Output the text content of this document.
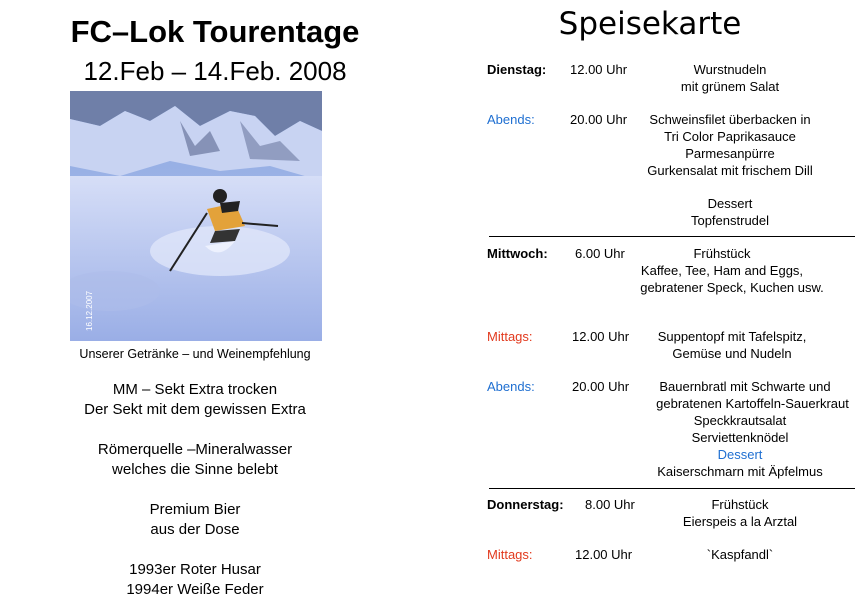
FC–Lok Tourentage
12.Feb – 14.Feb. 2008
16.12.2007
Unserer Getränke – und Weinempfehlung
MM – Sekt Extra trocken
Der Sekt mit dem gewissen Extra
Römerquelle –Mineralwasser
welches die Sinne belebt
Premium Bier
aus der Dose
1993er Roter Husar
1994er Weiße Feder
Speisekarte
Dienstag: 12.00 Uhr	Wurstnudeln
mit grünem Salat
Abends:	20.00 Uhr	Schweinsfilet überbacken in
Tri Color Paprikasauce
Parmesanpürre
Gurkensalat mit frischem Dill
Dessert
Topfenstrudel
Mittwoch: 6.00 Uhr	Frühstück
Kaffee, Tee, Ham and Eggs,
gebratener Speck, Kuchen usw.
Mittags:	12.00 Uhr	Suppentopf mit Tafelspitz,
Gemüse und Nudeln
Abends:	20.00 Uhr	Bauernbratl mit Schwarte und
gebratenen Kartoffeln-Sauerkraut
Speckkrautsalat
Serviettenknödel
Dessert
Kaiserschmarn mit Äpfelmus
Donnerstag: 8.00 Uhr	Frühstück
Eierspeis a la Arztal
Mittags:	12.00 Uhr	`Kaspfandl`
